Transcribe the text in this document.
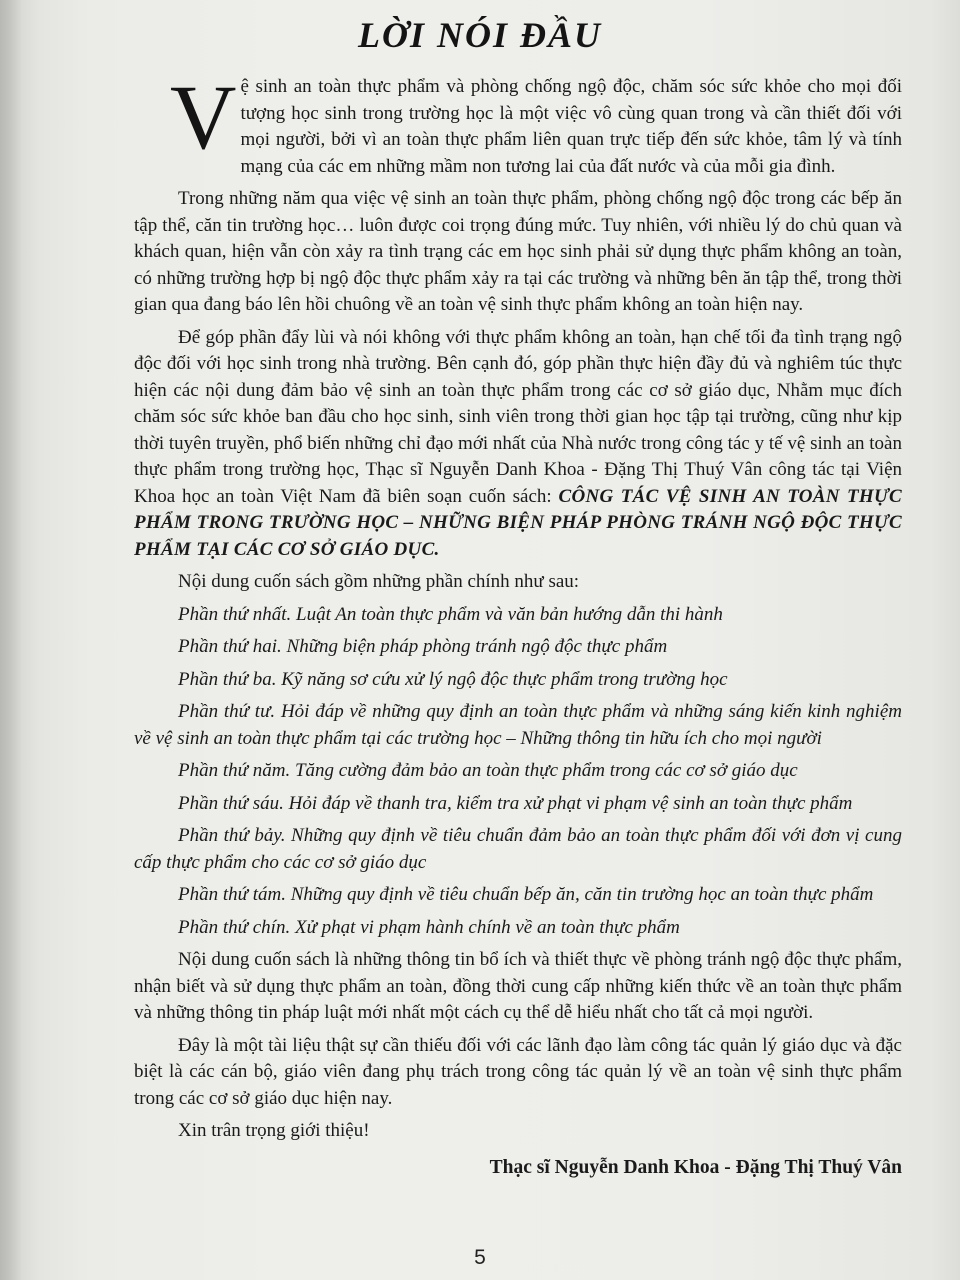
LỜI NÓI ĐẦU

Vệ sinh an toàn thực phẩm và phòng chống ngộ độc, chăm sóc sức khỏe cho mọi đối tượng học sinh trong trường học là một việc vô cùng quan trong và cần thiết đối với mọi người, bởi vì an toàn thực phẩm liên quan trực tiếp đến sức khỏe, tâm lý và tính mạng của các em những mầm non tương lai của đất nước và của mỗi gia đình.

Trong những năm qua việc vệ sinh an toàn thực phẩm, phòng chống ngộ độc trong các bếp ăn tập thể, căn tin trường học… luôn được coi trọng đúng mức. Tuy nhiên, với nhiều lý do chủ quan và khách quan, hiện vẫn còn xảy ra tình trạng các em học sinh phải sử dụng thực phẩm không an toàn, có những trường hợp bị ngộ độc thực phẩm xảy ra tại các trường và những bên ăn tập thể, trong thời gian qua đang báo lên hồi chuông về an toàn vệ sinh thực phẩm không an toàn hiện nay.

Để góp phần đẩy lùi và nói không với thực phẩm không an toàn, hạn chế tối đa tình trạng ngộ độc đối với học sinh trong nhà trường. Bên cạnh đó, góp phần thực hiện đầy đủ và nghiêm túc thực hiện các nội dung đảm bảo vệ sinh an toàn thực phẩm trong các cơ sở giáo dục, Nhằm mục đích chăm sóc sức khỏe ban đầu cho học sinh, sinh viên trong thời gian học tập tại trường, cũng như kịp thời tuyên truyền, phổ biến những chỉ đạo mới nhất của Nhà nước trong công tác y tế vệ sinh an toàn thực phẩm trong trường học, Thạc sĩ Nguyễn Danh Khoa - Đặng Thị Thuý Vân công tác tại Viện Khoa học an toàn Việt Nam đã biên soạn cuốn sách: CÔNG TÁC VỆ SINH AN TOÀN THỰC PHẨM TRONG TRƯỜNG HỌC – NHỮNG BIỆN PHÁP PHÒNG TRÁNH NGỘ ĐỘC THỰC PHẨM TẠI CÁC CƠ SỞ GIÁO DỤC.

Nội dung cuốn sách gồm những phần chính như sau:

Phần thứ nhất. Luật An toàn thực phẩm và văn bản hướng dẫn thi hành

Phần thứ hai. Những biện pháp phòng tránh ngộ độc thực phẩm

Phần thứ ba. Kỹ năng sơ cứu xử lý ngộ độc thực phẩm trong trường học

Phần thứ tư. Hỏi đáp về những quy định an toàn thực phẩm và những sáng kiến kinh nghiệm về vệ sinh an toàn thực phẩm tại các trường học – Những thông tin hữu ích cho mọi người

Phần thứ năm. Tăng cường đảm bảo an toàn thực phẩm trong các cơ sở giáo dục

Phần thứ sáu. Hỏi đáp về thanh tra, kiểm tra xử phạt vi phạm vệ sinh an toàn thực phẩm

Phần thứ bảy. Những quy định về tiêu chuẩn đảm bảo an toàn thực phẩm đối với đơn vị cung cấp thực phẩm cho các cơ sở giáo dục

Phần thứ tám. Những quy định về tiêu chuẩn bếp ăn, căn tin trường học an toàn thực phẩm

Phần thứ chín. Xử phạt vi phạm hành chính về an toàn thực phẩm

Nội dung cuốn sách là những thông tin bổ ích và thiết thực về phòng tránh ngộ độc thực phẩm, nhận biết và sử dụng thực phẩm an toàn, đồng thời cung cấp những kiến thức về an toàn thực phẩm và những thông tin pháp luật mới nhất một cách cụ thể dễ hiểu nhất cho tất cả mọi người.

Đây là một tài liệu thật sự cần thiếu đối với các lãnh đạo làm công tác quản lý giáo dục và đặc biệt là các cán bộ, giáo viên đang phụ trách trong công tác quản lý về an toàn vệ sinh thực phẩm trong các cơ sở giáo dục hiện nay.

Xin trân trọng giới thiệu!

Thạc sĩ Nguyễn Danh Khoa - Đặng Thị Thuý Vân

5
